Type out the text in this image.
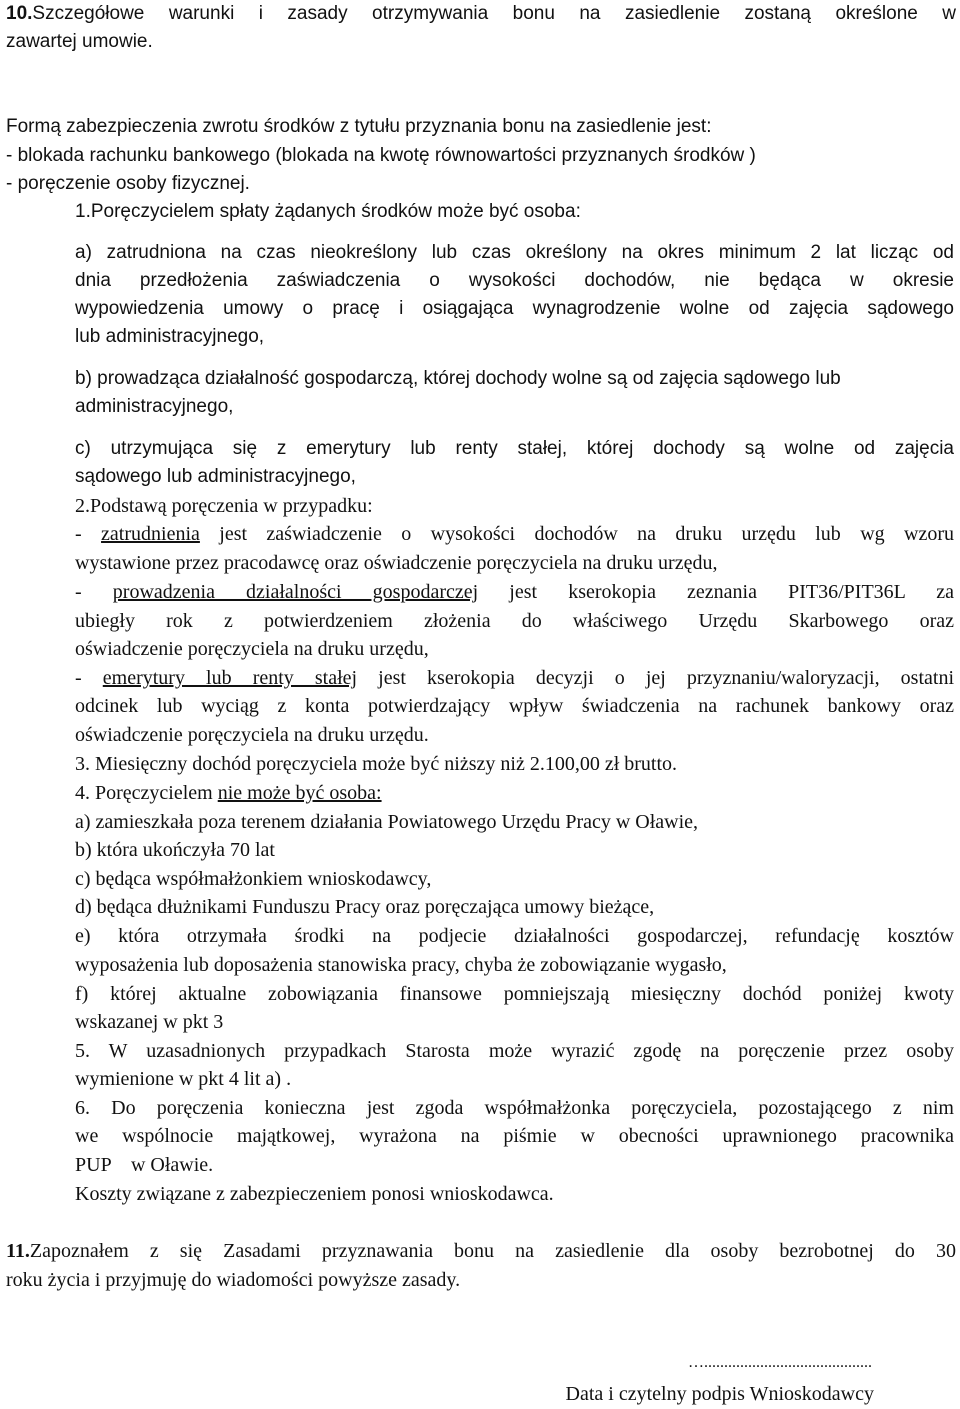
10.Szczegółowe warunki i zasady otrzymywania bonu na zasiedlenie zostaną określone w
zawartej umowie.
Formą zabezpieczenia zwrotu środków z tytułu przyznania bonu na zasiedlenie jest:
- blokada rachunku bankowego (blokada na kwotę równowartości przyznanych środków )
- poręczenie osoby fizycznej.
1.Poręczycielem spłaty żądanych środków może być osoba:
a) zatrudniona na czas nieokreślony lub czas określony na okres minimum 2 lat licząc od
dnia przedłożenia zaświadczenia o wysokości dochodów, nie będąca w okresie
wypowiedzenia umowy o pracę i osiągająca wynagrodzenie wolne od zajęcia sądowego
lub administracyjnego,
b) prowadząca działalność gospodarczą, której dochody wolne są od zajęcia sądowego lub
administracyjnego,
c) utrzymująca się z emerytury lub renty stałej, której dochody są wolne od zajęcia
sądowego lub administracyjnego,
2.Podstawą poręczenia w przypadku:
- zatrudnienia jest zaświadczenie o wysokości dochodów na druku urzędu lub wg wzoru
wystawione przez pracodawcę oraz oświadczenie poręczyciela na druku urzędu,
- prowadzenia działalności gospodarczej jest kserokopia zeznania PIT36/PIT36L za
ubiegły rok z potwierdzeniem złożenia do właściwego Urzędu Skarbowego oraz
oświadczenie poręczyciela na druku urzędu,
- emerytury lub renty stałej jest kserokopia decyzji o jej przyznaniu/waloryzacji, ostatni
odcinek lub wyciąg z konta potwierdzający wpływ świadczenia na rachunek bankowy oraz
oświadczenie poręczyciela na druku urzędu.
3. Miesięczny dochód poręczyciela może być niższy niż 2.100,00 zł brutto.
4. Poręczycielem nie może być osoba:
a) zamieszkała poza terenem działania Powiatowego Urzędu Pracy w Oławie,
b) która ukończyła 70 lat
c) będąca współmałżonkiem wnioskodawcy,
d) będąca dłużnikami Funduszu Pracy oraz poręczająca umowy bieżące,
e) która otrzymała środki na podjecie działalności gospodarczej, refundację kosztów
wyposażenia lub doposażenia stanowiska pracy, chyba że zobowiązanie wygasło,
f) której aktualne zobowiązania finansowe pomniejszają miesięczny dochód poniżej kwoty
wskazanej w pkt 3
5. W uzasadnionych przypadkach Starosta może wyrazić zgodę na poręczenie przez osoby
wymienione w pkt 4 lit a) .
6. Do poręczenia konieczna jest zgoda współmałżonka poręczyciela, pozostającego z nim
we wspólnocie majątkowej, wyrażona na piśmie w obecności uprawnionego pracownika
PUP    w Oławie.
Koszty związane z zabezpieczeniem ponosi wnioskodawca.
11.Zapoznałem z się Zasadami przyznawania bonu na zasiedlenie dla osoby bezrobotnej do 30
roku życia i przyjmuję do wiadomości powyższe zasady.
…..........................................
Data i czytelny podpis Wnioskodawcy
